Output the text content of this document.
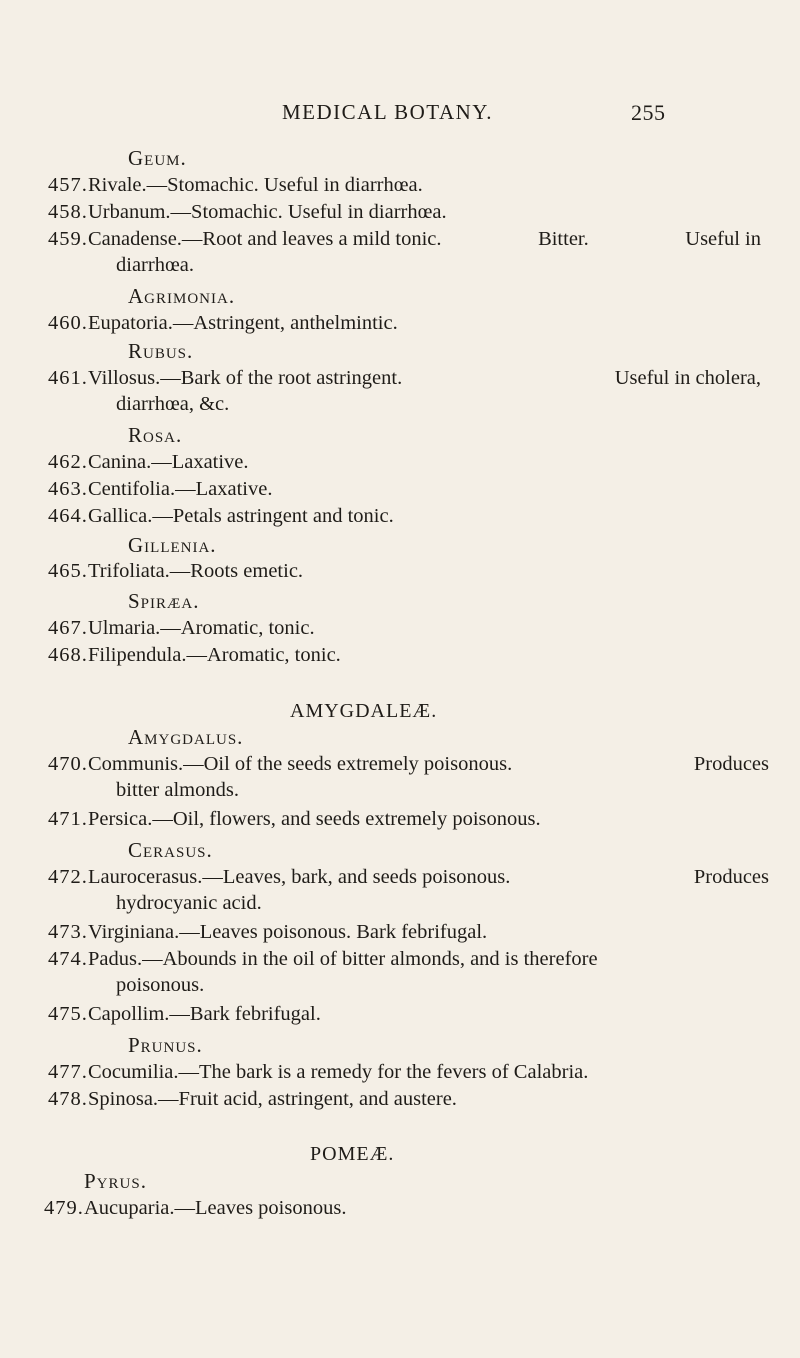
MEDICAL BOTANY.	255
Geum.
457. Rivale.—Stomachic. Useful in diarrhœa.
458. Urbanum.—Stomachic. Useful in diarrhœa.
459. Canadense.—Root and leaves a mild tonic.	Bitter.	Useful in
diarrhœa.
Agrimonia.
460. Eupatoria.—Astringent, anthelmintic.
Rubus.
461. Villosus.—Bark of the root astringent.	Useful in cholera,
diarrhœa, &c.
Rosa.
462. Canina.—Laxative.
463. Centifolia.—Laxative.
464. Gallica.—Petals astringent and tonic.
Gillenia.
465. Trifoliata.—Roots emetic.
Spiræa.
467. Ulmaria.—Aromatic, tonic.
468. Filipendula.—Aromatic, tonic.
AMYGDALEÆ.
Amygdalus.
470. Communis.—Oil of the seeds extremely poisonous.	Produces
bitter almonds.
471. Persica.—Oil, flowers, and seeds extremely poisonous.
Cerasus.
472. Laurocerasus.—Leaves, bark, and seeds poisonous.	Produces
hydrocyanic acid.
473. Virginiana.—Leaves poisonous. Bark febrifugal.
474. Padus.—Abounds in the oil of bitter almonds, and is therefore
poisonous.
475. Capollim.—Bark febrifugal.
Prunus.
477. Cocumilia.—The bark is a remedy for the fevers of Calabria.
478. Spinosa.—Fruit acid, astringent, and austere.
POMEÆ.
Pyrus.
479. Aucuparia.—Leaves poisonous.
